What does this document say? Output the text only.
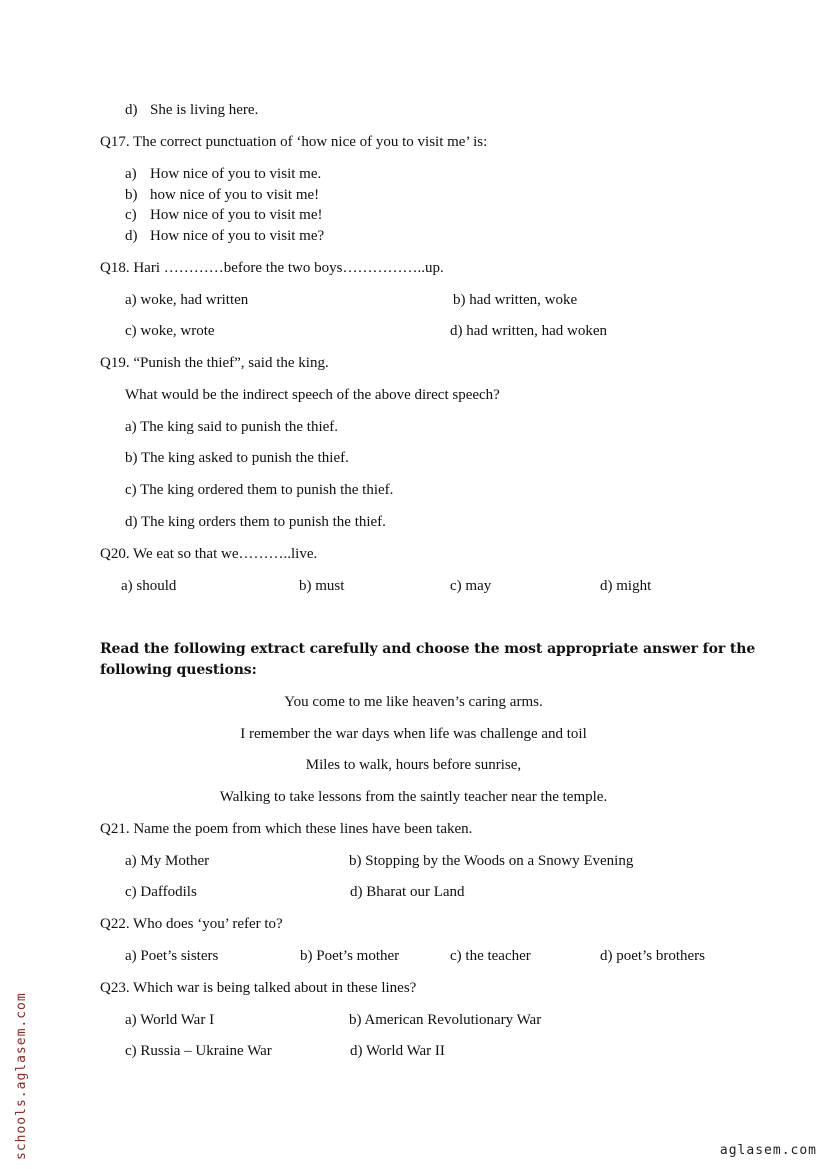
d) She is living here.
Q17. The correct punctuation of ‘how nice of you to visit me’ is:
a) How nice of you to visit me.
b) how nice of you to visit me!
c) How nice of you to visit me!
d) How nice of you to visit me?
Q18. Hari …………before the two boys……………..up.
a) woke, had written	b) had written, woke
c) woke, wrote	d) had written, had woken
Q19. “Punish the thief”, said the king.
What would be the indirect speech of the above direct speech?
a) The king said to punish the thief.
b) The king asked to punish the thief.
c) The king ordered them to punish the thief.
d) The king orders them to punish the thief.
Q20. We eat so that we………..live.
a) should	b) must	c) may	d) might
Read the following extract carefully and choose the most appropriate answer for the
following questions:
You come to me like heaven’s caring arms.
I remember the war days when life was challenge and toil
Miles to walk, hours before sunrise,
Walking to take lessons from the saintly teacher near the temple.
Q21. Name the poem from which these lines have been taken.
a) My Mother	b) Stopping by the Woods on a Snowy Evening
c) Daffodils	d) Bharat our Land
Q22. Who does ‘you’ refer to?
a) Poet’s sisters	b) Poet’s mother	c) the teacher	d) poet’s brothers
Q23. Which war is being talked about in these lines?
a) World War I	b) American Revolutionary War
c) Russia – Ukraine War	d) World War II
schools.aglasem.com	aglasem.com
